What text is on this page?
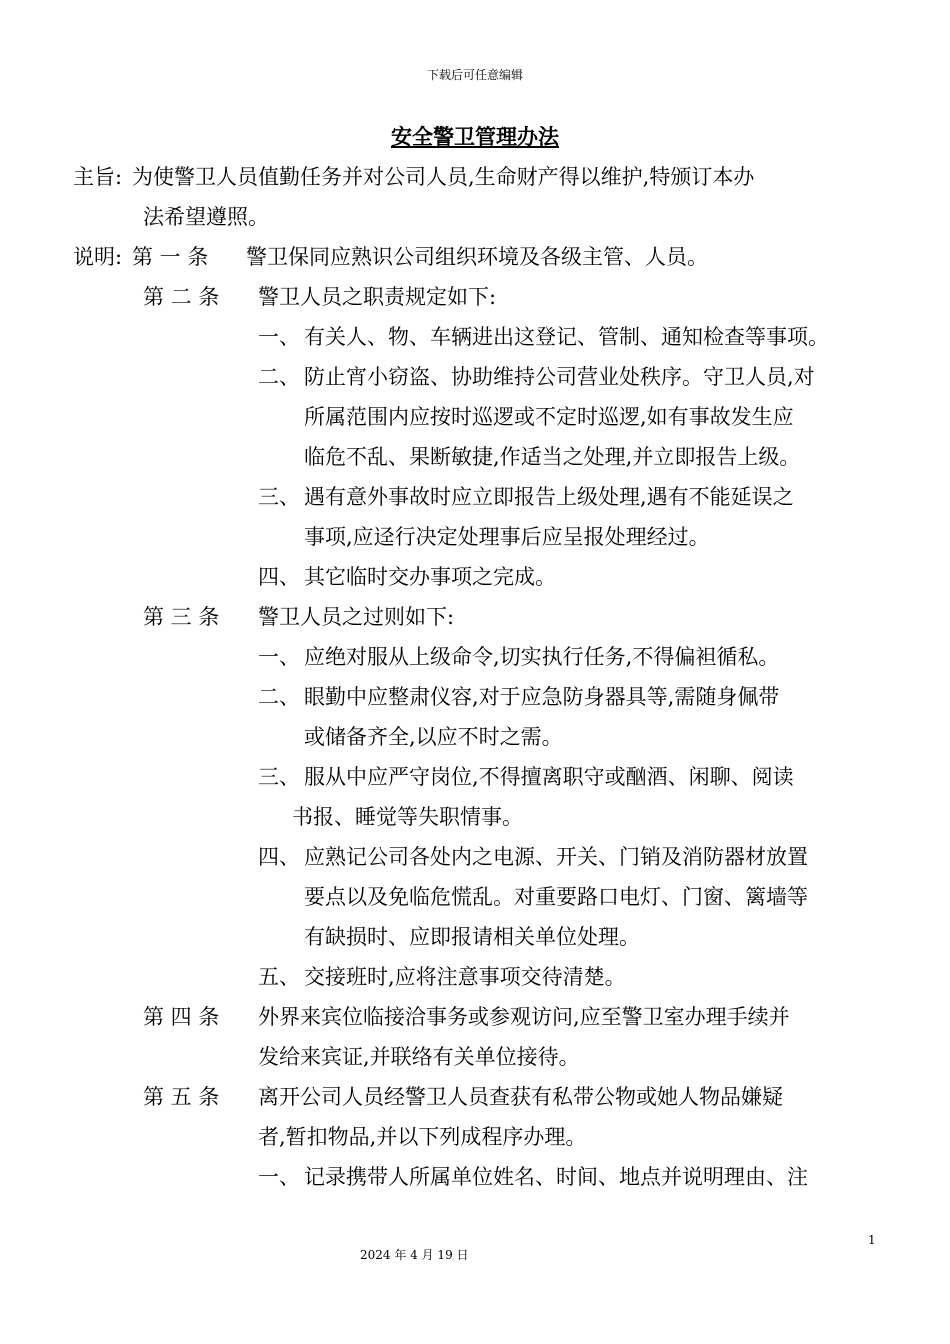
下载后可任意编辑
安全警卫管理办法
主旨: 为使警卫人员值勤任务并对公司人员,生命财产得以维护,特颁订本办
法希望遵照。
说明: 第 一 条 警卫保同应熟识公司组织环境及各级主管、人员。
第 二 条 警卫人员之职责规定如下:
一、 有关人、物、车辆进出这登记、管制、通知检查等事项。
二、 防止宵小窃盗、协助维持公司营业处秩序。守卫人员,对
所属范围内应按时巡逻或不定时巡逻,如有事故发生应
临危不乱、果断敏捷,作适当之处理,并立即报告上级。
三、 遇有意外事故时应立即报告上级处理,遇有不能延误之
事项,应迳行决定处理事后应呈报处理经过。
四、 其它临时交办事项之完成。
第 三 条 警卫人员之过则如下:
一、 应绝对服从上级命令,切实执行任务,不得偏袒循私。
二、 眼勤中应整肃仪容,对于应急防身器具等,需随身佩带
或储备齐全,以应不时之需。
三、 服从中应严守岗位,不得擅离职守或酗酒、闲聊、阅读
书报、睡觉等失职情事。
四、 应熟记公司各处内之电源、开关、门销及消防器材放置
要点以及免临危慌乱。对重要路口电灯、门窗、篱墙等
有缺损时、应即报请相关单位处理。
五、 交接班时,应将注意事项交待清楚。
第 四 条 外界来宾位临接洽事务或参观访问,应至警卫室办理手续并
发给来宾证,并联络有关单位接待。
第 五 条 离开公司人员经警卫人员查获有私带公物或她人物品嫌疑
者,暂扣物品,并以下列成程序办理。
一、 记录携带人所属单位姓名、时间、地点并说明理由、注
1
2024 年 4 月 19 日
